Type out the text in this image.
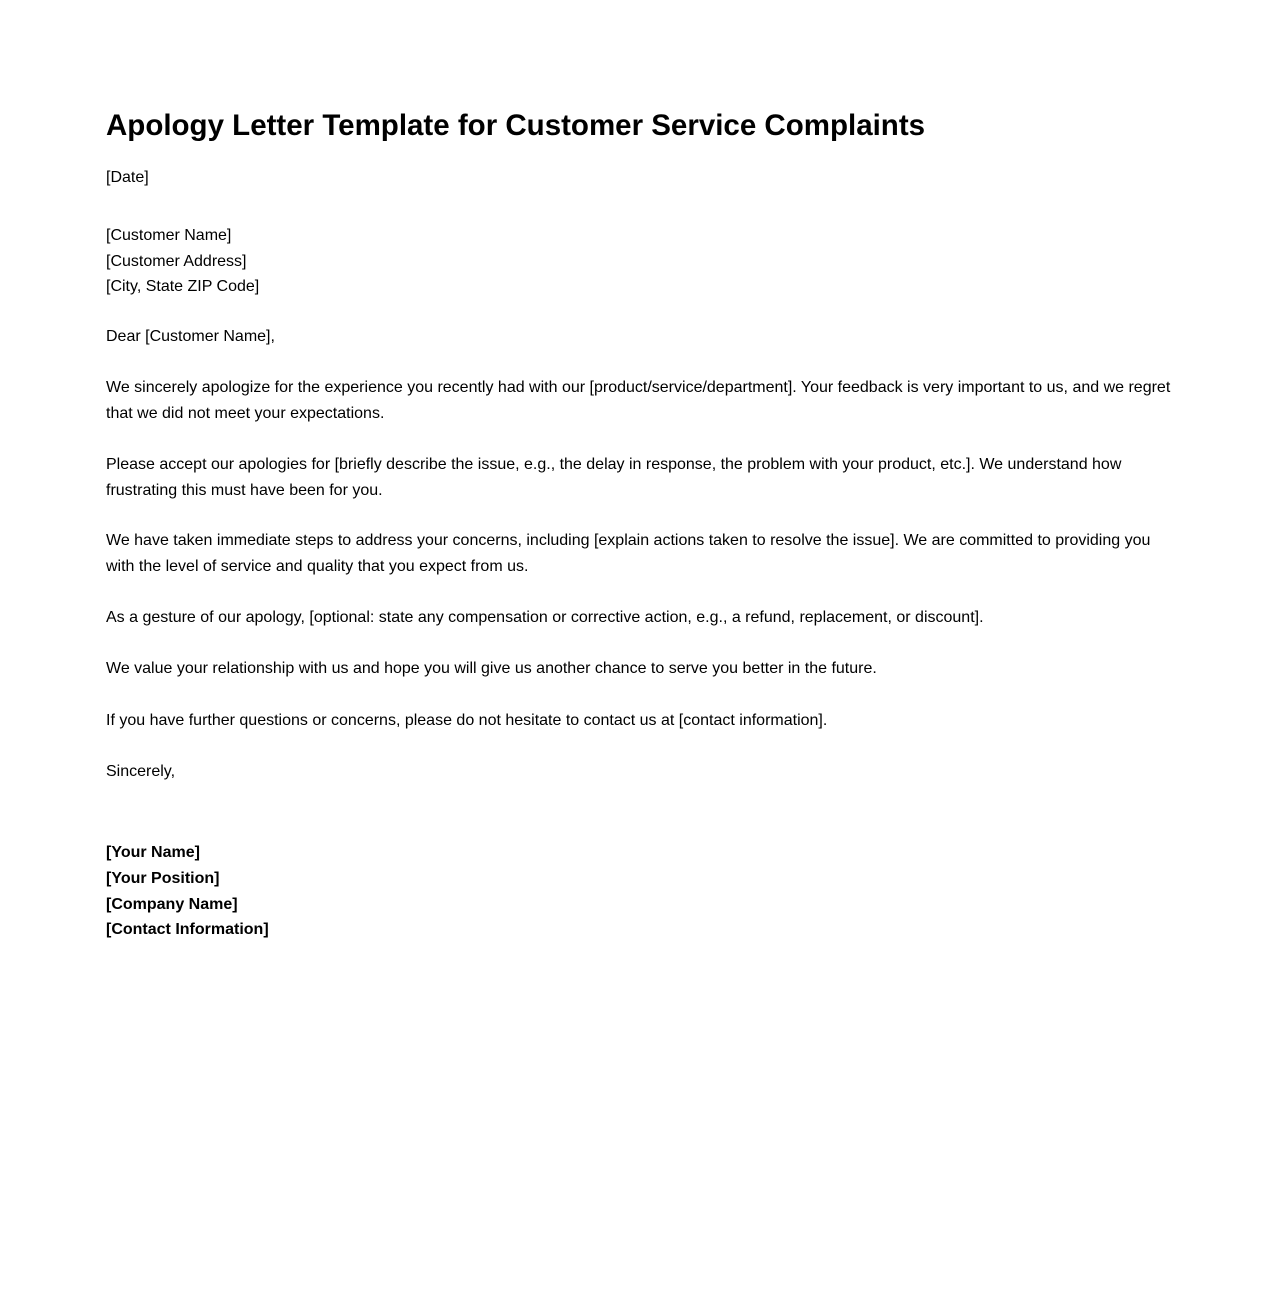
Apology Letter Template for Customer Service Complaints
[Date]
[Customer Name]
[Customer Address]
[City, State ZIP Code]
Dear [Customer Name],

We sincerely apologize for the experience you recently had with our [product/service/department]. Your feedback is very important to us, and we regret that we did not meet your expectations.

Please accept our apologies for [briefly describe the issue, e.g., the delay in response, the problem with your product, etc.]. We understand how frustrating this must have been for you.

We have taken immediate steps to address your concerns, including [explain actions taken to resolve the issue]. We are committed to providing you with the level of service and quality that you expect from us.

As a gesture of our apology, [optional: state any compensation or corrective action, e.g., a refund, replacement, or discount].

We value your relationship with us and hope you will give us another chance to serve you better in the future.

If you have further questions or concerns, please do not hesitate to contact us at [contact information].

Sincerely,
[Your Name]
[Your Position]
[Company Name]
[Contact Information]
